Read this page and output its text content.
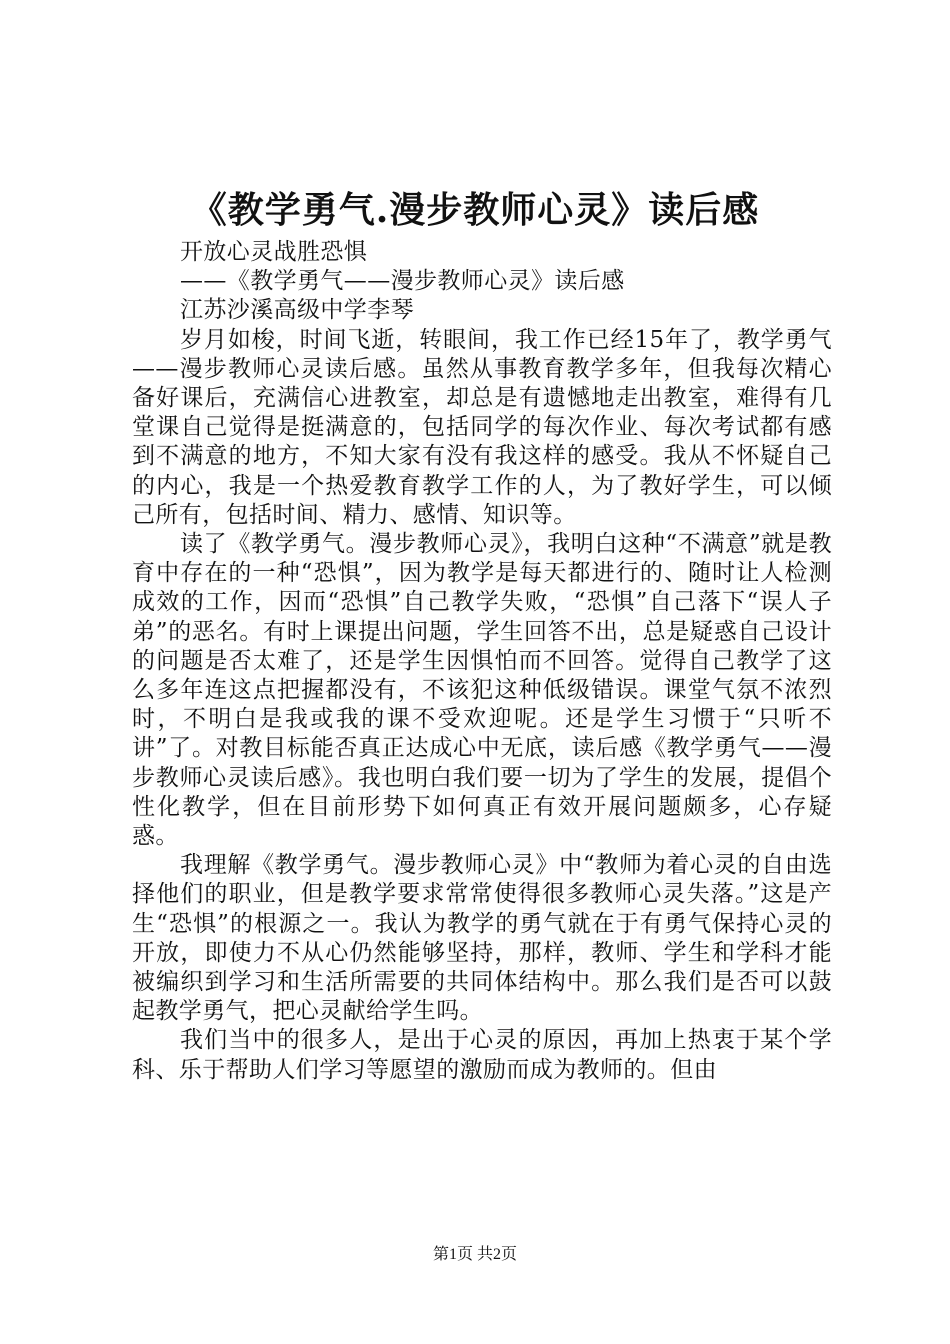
《教学勇气.漫步教师心灵》读后感

开放心灵战胜恐惧

——《教学勇气——漫步教师心灵》读后感

江苏沙溪高级中学李琴

岁月如梭，时间飞逝，转眼间，我工作已经15年了，教学勇气——漫步教师心灵读后感。虽然从事教育教学多年，但我每次精心备好课后，充满信心进教室，却总是有遗憾地走出教室，难得有几堂课自己觉得是挺满意的，包括同学的每次作业、每次考试都有感到不满意的地方，不知大家有没有我这样的感受。我从不怀疑自己的内心，我是一个热爱教育教学工作的人，为了教好学生，可以倾己所有，包括时间、精力、感情、知识等。

读了《教学勇气。漫步教师心灵》，我明白这种“不满意”就是教育中存在的一种“恐惧”，因为教学是每天都进行的、随时让人检测成效的工作，因而“恐惧”自己教学失败，“恐惧”自己落下“误人子弟”的恶名。有时上课提出问题，学生回答不出，总是疑惑自己设计的问题是否太难了，还是学生因惧怕而不回答。觉得自己教学了这么多年连这点把握都没有，不该犯这种低级错误。课堂气氛不浓烈时，不明白是我或我的课不受欢迎呢。还是学生习惯于“只听不讲”了。对教目标能否真正达成心中无底，读后感《教学勇气——漫步教师心灵读后感》。我也明白我们要一切为了学生的发展，提倡个性化教学，但在目前形势下如何真正有效开展问题颇多，心存疑惑。

我理解《教学勇气。漫步教师心灵》中“教师为着心灵的自由选择他们的职业，但是教学要求常常使得很多教师心灵失落。”这是产生“恐惧”的根源之一。我认为教学的勇气就在于有勇气保持心灵的开放，即使力不从心仍然能够坚持，那样，教师、学生和学科才能被编织到学习和生活所需要的共同体结构中。那么我们是否可以鼓起教学勇气，把心灵献给学生吗。

我们当中的很多人，是出于心灵的原因，再加上热衷于某个学科、乐于帮助人们学习等愿望的激励而成为教师的。但由

第1页 共2页
